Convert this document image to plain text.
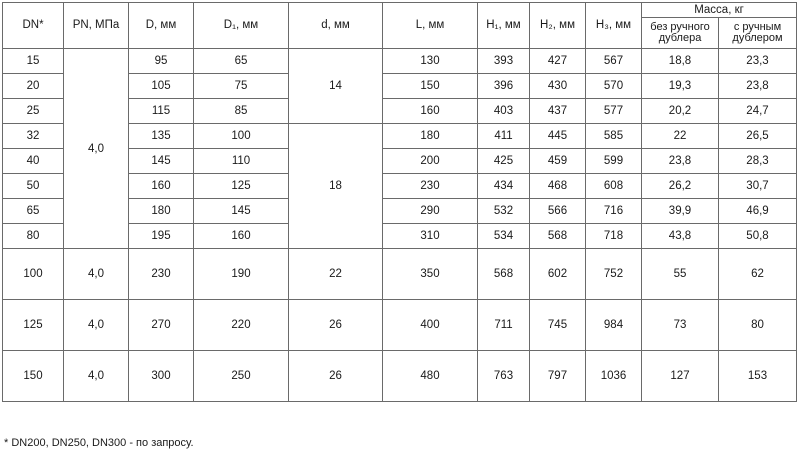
DN*	PN, МПа	D, мм	D₁, мм	d, мм	L, мм	H₁, мм	H₂, мм	H₃, мм	Масса, кг	
									без ручного дублера	с ручным дублером
15	4,0	95	65	14	130	393	427	567	18,8	23,3
20		105	75		150	396	430	570	19,3	23,8
25		115	85		160	403	437	577	20,2	24,7
32		135	100	18	180	411	445	585	22	26,5
40		145	110		200	425	459	599	23,8	28,3
50		160	125		230	434	468	608	26,2	30,7
65		180	145		290	532	566	716	39,9	46,9
80		195	160		310	534	568	718	43,8	50,8
100	4,0	230	190	22	350	568	602	752	55	62
125	4,0	270	220	26	400	711	745	984	73	80
150	4,0	300	250	26	480	763	797	1036	127	153
* DN200, DN250, DN300 - по запросу.
